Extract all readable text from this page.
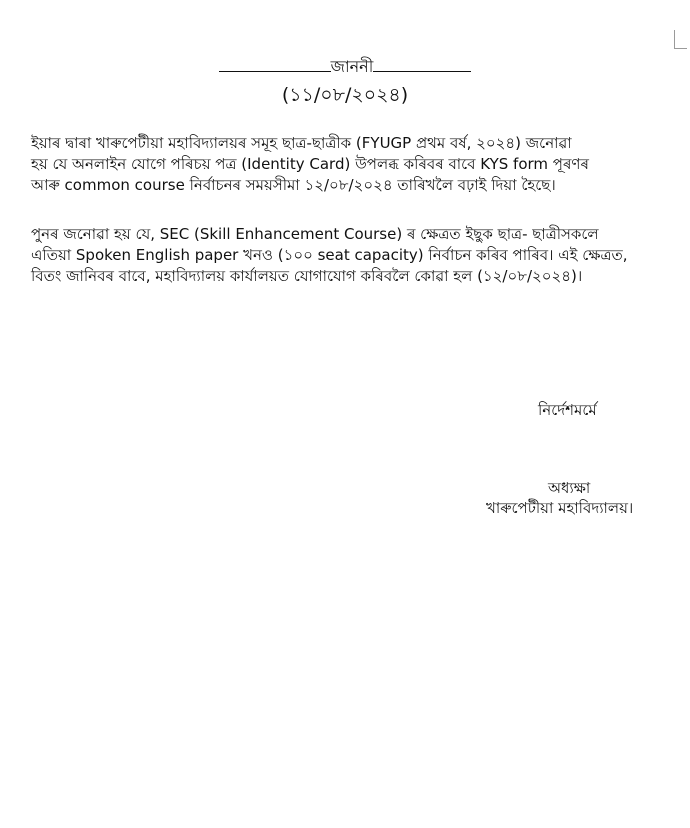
জাননী
(১১/০৮/২০২৪)
ইয়াৰ দ্বাৰা খাৰুপেটীয়া মহাবিদ্যালয়ৰ সমূহ ছাত্র-ছাত্রীক (FYUGP প্রথম বর্ষ, ২০২৪) জনোৱা
হয় যে অনলাইন যোগে পৰিচয় পত্র (Identity Card) উপলব্ধ কৰিবৰ বাবে KYS form পূৰণৰ
আৰু common course নিৰ্বাচনৰ সময়সীমা ১২/০৮/২০২৪ তাৰিখলৈ বঢ়াই দিয়া হৈছে।
পুনৰ জনোৱা হয় যে, SEC (Skill Enhancement Course) ৰ ক্ষেত্ৰত ইছুক ছাত্র- ছাত্রীসকলে
এতিয়া Spoken English paper খনও (১০০ seat capacity) নিৰ্বাচন কৰিব পাৰিব। এই ক্ষেত্ৰত,
বিতং জানিবৰ বাবে, মহাবিদ্যালয় কাৰ্যালয়ত যোগাযোগ কৰিবলৈ কোৱা হল (১২/০৮/২০২৪)।
নিৰ্দেশমৰ্মে
অধ্যক্ষা
খাৰুপেটীয়া মহাবিদ্যালয়।
